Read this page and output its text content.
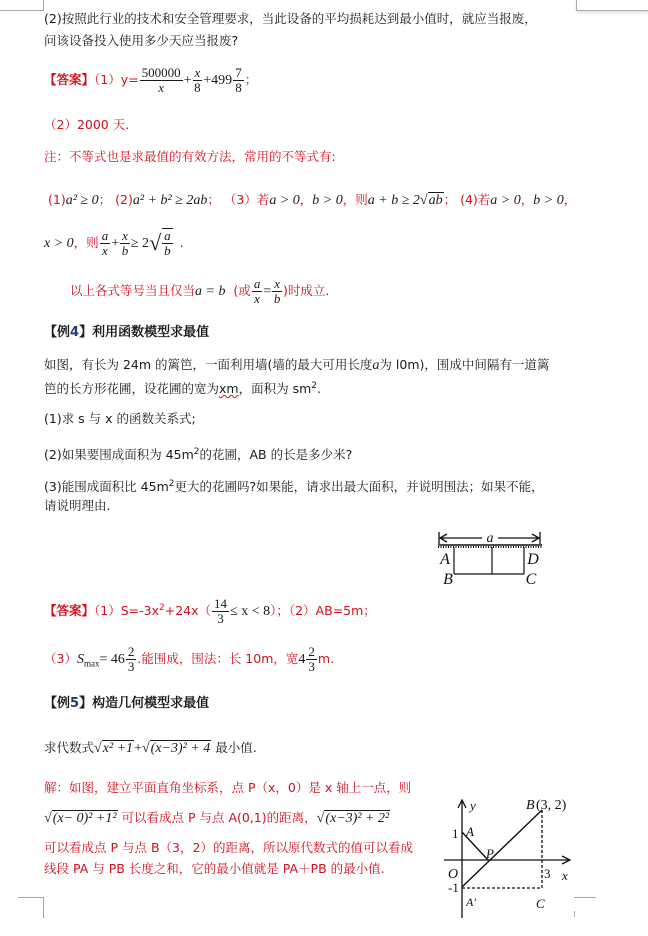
(2)按照此行业的技术和安全管理要求，当此设备的平均损耗达到最小值时，就应当报废，
问该设备投入使用多少天应当报废?
【答案】$(1)y= \frac{500000}{x} + \frac{x}{8} +499 \frac{7}{8}$ ；
（2）2000 天.
注：不等式也是求最值的有效方法，常用的不等式有:
(1)a² ≥ 0； (2)a² + b² ≥ 2ab； （3）若a > 0，b > 0，则a + b ≥ 2√ab； (4)若a > 0，b > 0，
x > 0，则 $\frac{a}{x} + \frac{x}{b} \ge 2√ \frac{a}{b}$ .
以上各式等号当且仅当a = b (或 $\frac{a}{x} = \frac{x}{b}$ )时成立.
【例4】利用函数模型求最值
如图，有长为 24m 的篱笆，一面利用墙(墙的最大可用长度a为 l0m)，围成中间隔有一道篱
笆的长方形花圃，设花圃的宽为xm，面积为 $sm^2$.
(1)求 s 与 x 的函数关系式;
(2)如果要围成面积为 $45m^2$的花圃，AB 的长是多少米?
(3)能围成面积比 $45m^2$更大的花圃吗?如果能，请求出最大面积，并说明围法；如果不能，
请说明理由.
a
A
B	C
D
【答案】$(1)S=-3x^2+24x( \frac{14}{3} \le x < 8)$；（2）AB=5m；
$(3)S_{max}= 46 \frac{2}{3}$ .能围成，围法：长 10m，宽$4 \frac{2}{3} m$.
【例5】构造几何模型求最值
求代数式√x² +1+√(x−3)² + 4 最小值.
解：如图，建立平面直角坐标系，点 P（x，0）是 x 轴上一点，则
√(x− 0)² +1² 可以看成点 P 与点 A(0,1)的距离，√(x−3)² + 2²
可以看成点 P 与点 B（3，2）的距离，所以原代数式的值可以看成
线段 PA 与 PB 长度之和，它的最小值就是 PA＋PB 的最小值.
y
x
B (3, 2)
1 A
P
O	3
-1
A′	C
